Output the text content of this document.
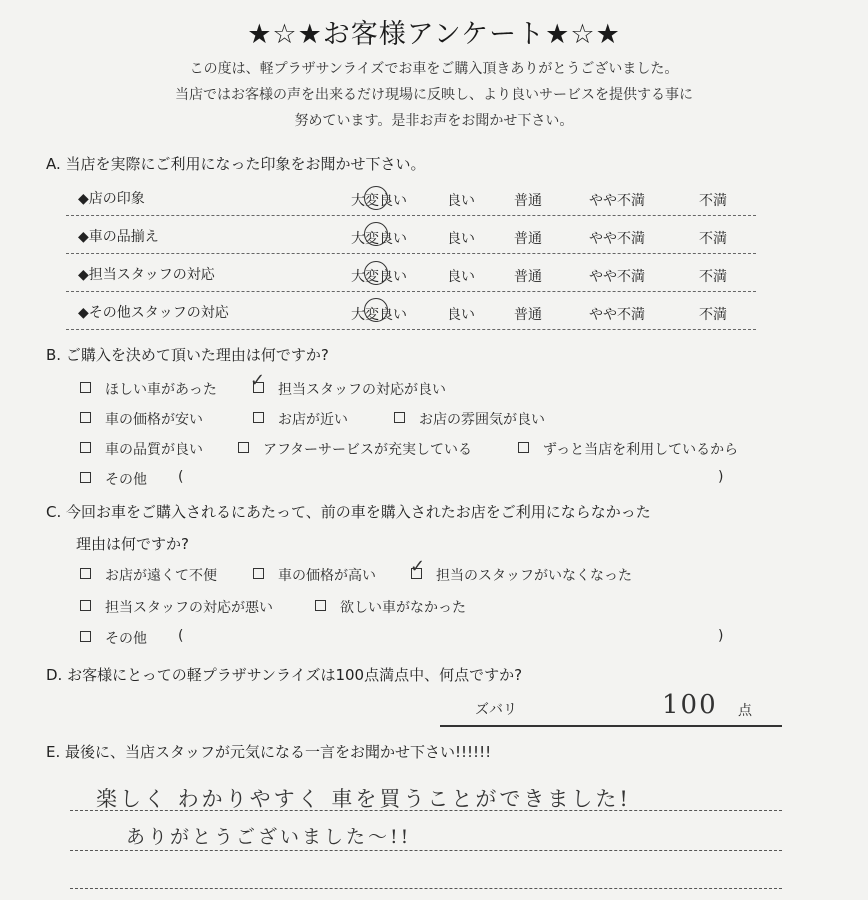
★☆★お客様アンケート★☆★
この度は、軽プラザサンライズでお車をご購入頂きありがとうございました。
当店ではお客様の声を出来るだけ現場に反映し、より良いサービスを提供する事に
努めています。是非お声をお聞かせ下さい。
A. 当店を実際にご利用になった印象をお聞かせ下さい。
◆店の印象	大変良い	良い	普通	やや不満	不満
◆車の品揃え	大変良い	良い	普通	やや不満	不満
◆担当スタッフの対応	大変良い	良い	普通	やや不満	不満
◆その他スタッフの対応	大変良い	良い	普通	やや不満	不満
B. ご購入を決めて頂いた理由は何ですか?
ほしい車があった	担当スタッフの対応が良い
✓
車の価格が安い	お店が近い	お店の雰囲気が良い
車の品質が良い	アフターサービスが充実している	ずっと当店を利用しているから
その他 (	)
C. 今回お車をご購入されるにあたって、前の車を購入されたお店をご利用にならなかった
理由は何ですか?
お店が遠くて不便	車の価格が高い	担当のスタッフがいなくなった
✓
担当スタッフの対応が悪い	欲しい車がなかった
その他 (	)
D. お客様にとっての軽プラザサンライズは100点満点中、何点ですか?
ズバリ	100 点
E. 最後に、当店スタッフが元気になる一言をお聞かせ下さい!!!!!!
楽しく わかりやすく 車を買うことができました!
ありがとうございました〜!!
